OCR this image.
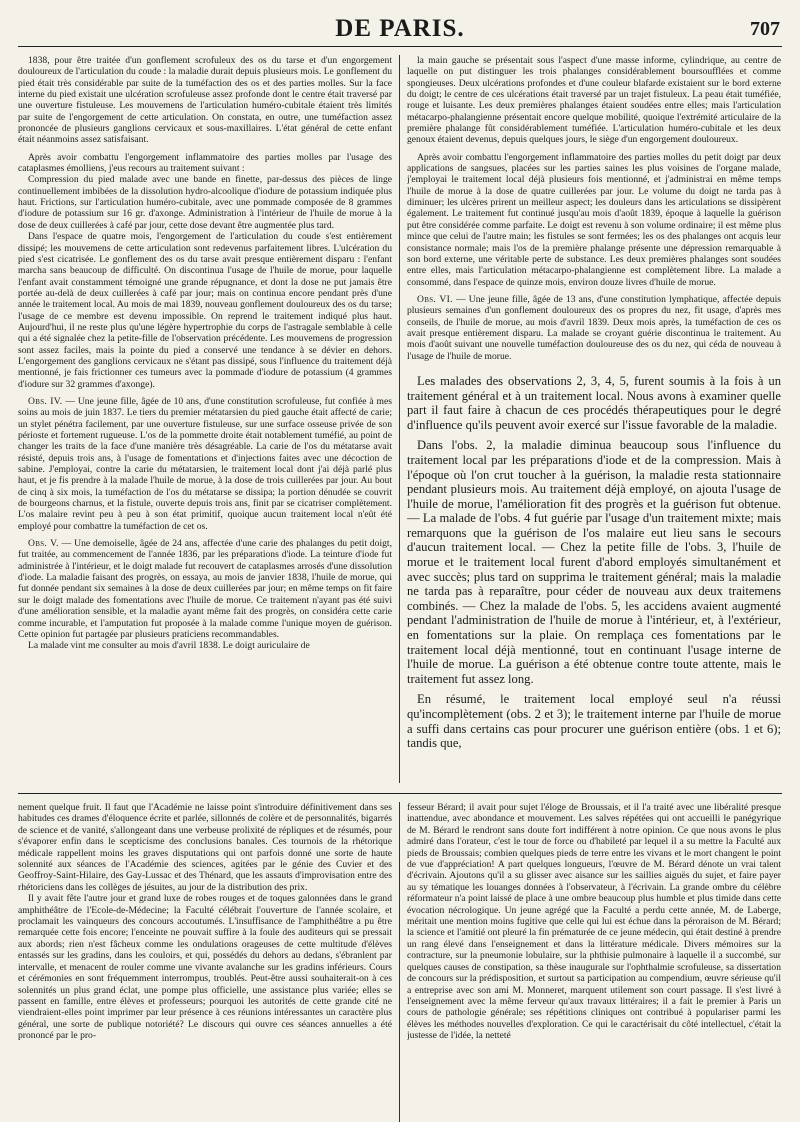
DE PARIS.	707

1838, pour être traitée d'un gonflement scrofuleux des os du tarse et d'un engorgement douloureux de l'articulation du coude : la maladie durait depuis plusieurs mois. Le gonflement du pied était très considérable par suite de la tuméfaction des os et des parties molles. Sur la face interne du pied existait une ulcération scrofuleuse assez profonde dont le centre était traversé par une ouverture fistuleuse. Les mouvemens de l'articulation huméro-cubitale étaient très limités par suite de l'engorgement de cette articulation. On constata, en outre, une tuméfaction assez prononcée de plusieurs ganglions cervicaux et sous-maxillaires. L'état général de cette enfant était néanmoins assez satisfaisant.

Après avoir combattu l'engorgement inflammatoire des parties molles par l'usage des cataplasmes émolliens, j'eus recours au traitement suivant :

Compression du pied malade avec une bande en finette, par-dessus des pièces de linge continuellement imbibées de la dissolution hydro-alcoolique d'iodure de potassium indiquée plus haut. Frictions, sur l'articulation huméro-cubitale, avec une pommade composée de 8 grammes d'iodure de potassium sur 16 gr. d'axonge. Administration à l'intérieur de l'huile de morue à la dose de deux cuillerées à café par jour, cette dose devant être augmentée plus tard.

Dans l'espace de quatre mois, l'engorgement de l'articulation du coude s'est entièrement dissipé; les mouvemens de cette articulation sont redevenus parfaitement libres. L'ulcération du pied s'est cicatrisée. Le gonflement des os du tarse avait presque entièrement disparu : l'enfant marcha sans beaucoup de difficulté. On discontinua l'usage de l'huile de morue, pour laquelle l'enfant avait constamment témoigné une grande répugnance, et dont la dose ne put jamais être portée au-delà de deux cuillerées à café par jour; mais on continua encore pendant près d'une année le traitement local. Au mois de mai 1839, nouveau gonflement douloureux des os du tarse; l'usage de ce membre est devenu impossible. On reprend le traitement indiqué plus haut. Aujourd'hui, il ne reste plus qu'une légère hypertrophie du corps de l'astragale semblable à celle qui a été signalée chez la petite-fille de l'observation précédente. Les mouvemens de progression sont assez faciles, mais la pointe du pied a conservé une tendance à se dévier en dehors. L'engorgement des ganglions cervicaux ne s'étant pas dissipé, sous l'influence du traitement déjà mentionné, je fais frictionner ces tumeurs avec la pommade d'iodure de potassium (4 grammes d'iodure sur 32 grammes d'axonge).

Obs. IV. — Une jeune fille, âgée de 10 ans, d'une constitution scrofuleuse, fut confiée à mes soins au mois de juin 1837. Le tiers du premier métatarsien du pied gauche était affecté de carie; un stylet pénétra facilement, par une ouverture fistuleuse, sur une surface osseuse privée de son périoste et fortement rugueuse. L'os de la pommette droite était notablement tuméfié, au point de changer les traits de la face d'une manière très désagréable. La carie de l'os du métatarse avait résisté, depuis trois ans, à l'usage de fomentations et d'injections faites avec une décoction de sabine. J'employai, contre la carie du métatarsien, le traitement local dont j'ai déjà parlé plus haut, et je fis prendre à la malade l'huile de morue, à la dose de trois cuillerées par jour. Au bout de cinq à six mois, la tuméfaction de l'os du métatarse se dissipa; la portion dénudée se couvrit de bourgeons charnus, et la fistule, ouverte depuis trois ans, finit par se cicatriser complètement. L'os malaire revint peu à peu à son état primitif, quoique aucun traitement local n'eût été employé pour combattre la tuméfaction de cet os.

Obs. V. — Une demoiselle, âgée de 24 ans, affectée d'une carie des phalanges du petit doigt, fut traitée, au commencement de l'année 1836, par les préparations d'iode. La teinture d'iode fut administrée à l'intérieur, et le doigt malade fut recouvert de cataplasmes arrosés d'une dissolution d'iode. La maladie faisant des progrès, on essaya, au mois de janvier 1838, l'huile de morue, qui fut donnée pendant six semaines à la dose de deux cuillerées par jour; en même temps on fit faire sur le doigt malade des fomentations avec l'huile de morue. Ce traitement n'ayant pas été suivi d'une amélioration sensible, et la maladie ayant même fait des progrès, on considéra cette carie comme incurable, et l'amputation fut proposée à la malade comme l'unique moyen de guérison. Cette opinion fut partagée par plusieurs praticiens recommandables.

La malade vint me consulter au mois d'avril 1838. Le doigt auriculaire de

la main gauche se présentait sous l'aspect d'une masse informe, cylindrique, au centre de laquelle on put distinguer les trois phalanges considérablement boursoufflées et comme spongieuses. Deux ulcérations profondes et d'une couleur blafarde existaient sur le bord externe du doigt; le centre de ces ulcérations était traversé par un trajet fistuleux. La peau était tuméfiée, rouge et luisante. Les deux premières phalanges étaient soudées entre elles; mais l'articulation métacarpo-phalangienne présentait encore quelque mobilité, quoique l'extrémité articulaire de la première phalange fût considérablement tuméfiée. L'articulation huméro-cubitale et les deux genoux étaient devenus, depuis quelques jours, le siège d'un engorgement douloureux.

Après avoir combattu l'engorgement inflammatoire des parties molles du petit doigt par deux applications de sangsues, placées sur les parties saines les plus voisines de l'organe malade, j'employai le traitement local déjà plusieurs fois mentionné, et j'administrai en même temps l'huile de morue à la dose de quatre cuillerées par jour. Le volume du doigt ne tarda pas à diminuer; les ulcères prirent un meilleur aspect; les douleurs dans les articulations se dissipèrent également. Le traitement fut continué jusqu'au mois d'août 1839, époque à laquelle la guérison put être considérée comme parfaite. Le doigt est revenu à son volume ordinaire; il est même plus mince que celui de l'autre main; les fistules se sont fermées; les os des phalanges ont acquis leur consistance normale; mais l'os de la première phalange présente une dépression remarquable à son bord externe, une véritable perte de substance. Les deux premières phalanges sont soudées entre elles, mais l'articulation métacarpo-phalangienne est complètement libre. La malade a consommé, dans l'espace de quinze mois, environ douze livres d'huile de morue.

Obs. VI. — Une jeune fille, âgée de 13 ans, d'une constitution lymphatique, affectée depuis plusieurs semaines d'un gonflement douloureux des os propres du nez, fit usage, d'après mes conseils, de l'huile de morue, au mois d'avril 1839. Deux mois après, la tuméfaction de ces os avait presque entièrement disparu. La malade se croyant guérie discontinua le traitement. Au mois d'août suivant une nouvelle tuméfaction douloureuse des os du nez, qui céda de nouveau à l'usage de l'huile de morue.

Les malades des observations 2, 3, 4, 5, furent soumis à la fois à un traitement général et à un traitement local. Nous avons à examiner quelle part il faut faire à chacun de ces procédés thérapeutiques pour le degré d'influence qu'ils peuvent avoir exercé sur l'issue favorable de la maladie.

Dans l'obs. 2, la maladie diminua beaucoup sous l'influence du traitement local par les préparations d'iode et de la compression. Mais à l'époque où l'on crut toucher à la guérison, la maladie resta stationnaire pendant plusieurs mois. Au traitement déjà employé, on ajouta l'usage de l'huile de morue, l'amélioration fit des progrès et la guérison fut obtenue. — La malade de l'obs. 4 fut guérie par l'usage d'un traitement mixte; mais remarquons que la guérison de l'os malaire eut lieu sans le secours d'aucun traitement local. — Chez la petite fille de l'obs. 3, l'huile de morue et le traitement local furent d'abord employés simultanément et avec succès; plus tard on supprima le traitement général; mais la maladie ne tarda pas à reparaître, pour céder de nouveau aux deux traitemens combinés. — Chez la malade de l'obs. 5, les accidens avaient augmenté pendant l'administration de l'huile de morue à l'intérieur, et, à l'extérieur, en fomentations sur la plaie. On remplaça ces fomentations par le traitement local déjà mentionné, tout en continuant l'usage interne de l'huile de morue. La guérison a été obtenue contre toute attente, mais le traitement fut assez long.

En résumé, le traitement local employé seul n'a réussi qu'incomplètement (obs. 2 et 3); le traitement interne par l'huile de morue a suffi dans certains cas pour procurer une guérison entière (obs. 1 et 6); tandis que,

nement quelque fruit. Il faut que l'Académie ne laisse point s'introduire définitivement dans ses habitudes ces drames d'éloquence écrite et parlée, sillonnés de colère et de personnalités, bigarrés de science et de vanité, s'allongeant dans une verbeuse prolixité de répliques et de résumés, pour s'évaporer enfin dans le scepticisme des conclusions banales. Ces tournois de la rhétorique médicale rappellent moins les graves disputations qui ont parfois donné une sorte de haute solennité aux séances de l'Académie des sciences, agitées par le génie des Cuvier et des Geoffroy-Saint-Hilaire, des Gay-Lussac et des Thénard, que les assauts d'improvisation entre des rhétoriciens dans les collèges de jésuites, au jour de la distribution des prix.

Il y avait fête l'autre jour et grand luxe de robes rouges et de toques galonnées dans le grand amphithéâtre de l'Ecole-de-Médecine; la Faculté célébrait l'ouverture de l'année scolaire, et proclamait les vainqueurs des concours accoutumés. L'insuffisance de l'amphithéâtre a pu être remarquée cette fois encore; l'enceinte ne pouvait suffire à la foule des auditeurs qui se pressait aux abords; rien n'est fâcheux comme les ondulations orageuses de cette multitude d'élèves entassés sur les gradins, dans les couloirs, et qui, possédés du dehors au dedans, s'ébranlent par intervalle, et menacent de rouler comme une vivante avalanche sur les gradins inférieurs. Cours et cérémonies en sont fréquemment interrompus, troublés. Peut-être aussi souhaiterait-on à ces solennités un plus grand éclat, une pompe plus officielle, une assistance plus variée; elles se passent en famille, entre élèves et professeurs; pourquoi les autorités de cette grande cité ne viendraient-elles point imprimer par leur présence à ces réunions intéressantes un caractère plus général, une sorte de publique notoriété? Le discours qui ouvre ces séances annuelles a été prononcé par le pro-

fesseur Bérard; il avait pour sujet l'éloge de Broussais, et il l'a traité avec une libéralité presque inattendue, avec abondance et mouvement. Les salves répétées qui ont accueilli le panégyrique de M. Bérard le rendront sans doute fort indifférent à notre opinion. Ce que nous avons le plus admiré dans l'orateur, c'est le tour de force ou d'habileté par lequel il a su mettre la Faculté aux pieds de Broussais; combien quelques pieds de terre entre les vivans et le mort changent le point de vue d'appréciation! A part quelques longueurs, l'œuvre de M. Bérard dénote un vrai talent d'écrivain. Ajoutons qu'il a su glisser avec aisance sur les saillies aiguës du sujet, et faire payer au sy tématique les louanges données à l'observateur, à l'écrivain. La grande ombre du célèbre réformateur n'a point laissé de place à une ombre beaucoup plus humble et plus timide dans cette évocation nécrologique. Un jeune agrégé que la Faculté a perdu cette année, M. de Laberge, méritait une mention moins fugitive que celle qui lui est échue dans la péroraison de M. Bérard; la science et l'amitié ont pleuré la fin prématurée de ce jeune médecin, qui était destiné à prendre un rang élevé dans l'enseignement et dans la littérature médicale. Divers mémoires sur la contracture, sur la pneumonie lobulaire, sur la phthisie pulmonaire à laquelle il a succombé, sur quelques causes de constipation, sa thèse inaugurale sur l'ophthalmie scrofuleuse, sa dissertation de concours sur la prédisposition, et surtout sa participation au compendium, œuvre sérieuse qu'il a entreprise avec son ami M. Monneret, marquent utilement son court passage. Il s'est livré à l'enseignement avec la même ferveur qu'aux travaux littéraires; il a fait le premier à Paris un cours de pathologie générale; ses répétitions cliniques ont contribué à populariser parmi les élèves les méthodes nouvelles d'exploration. Ce qui le caractérisait du côté intellectuel, c'était la justesse de l'idée, la netteté
